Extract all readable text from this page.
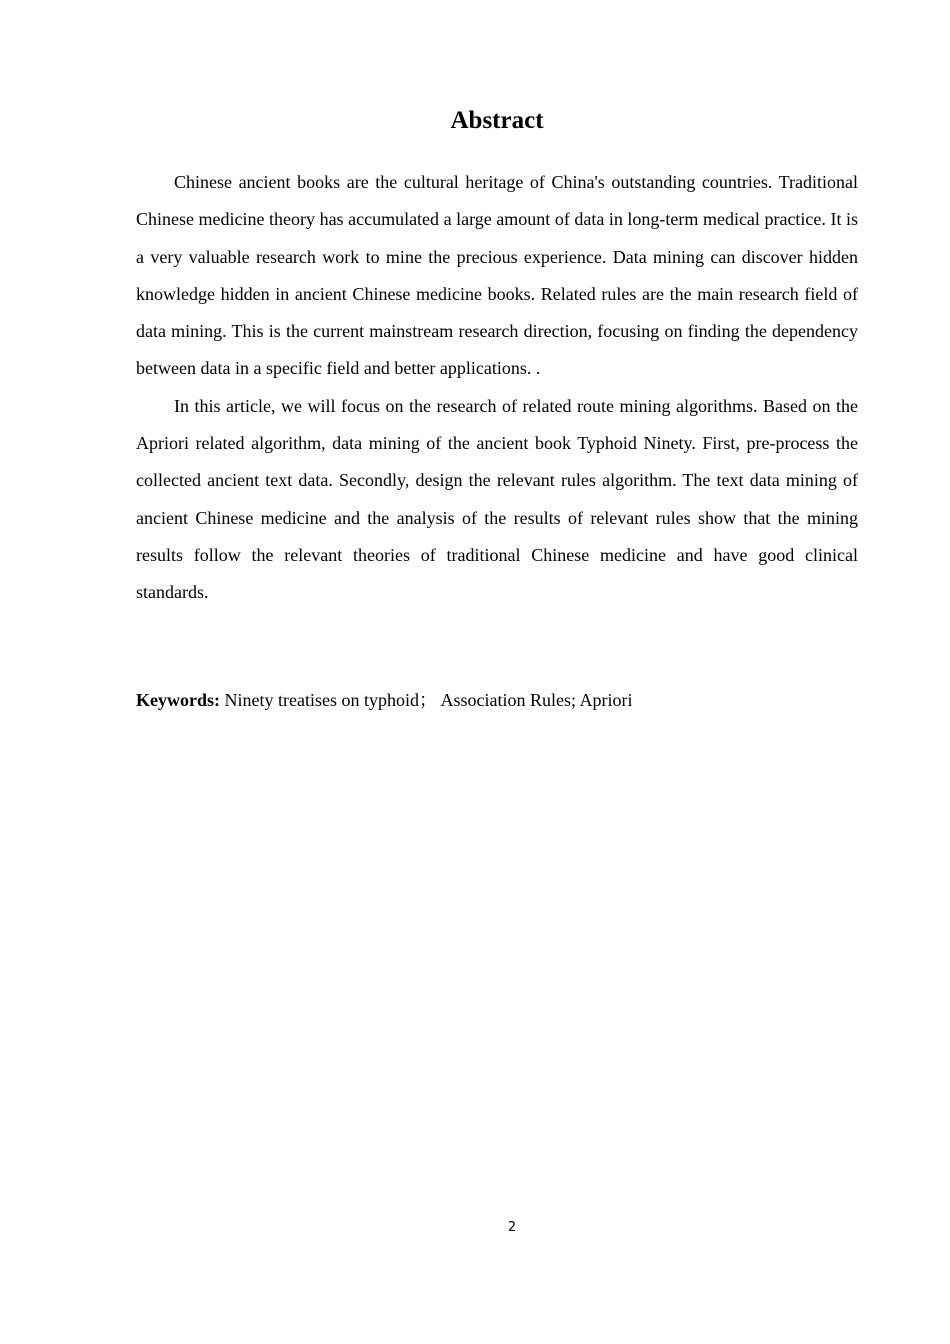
Abstract

Chinese ancient books are the cultural heritage of China's outstanding countries. Traditional Chinese medicine theory has accumulated a large amount of data in long-term medical practice. It is a very valuable research work to mine the precious experience. Data mining can discover hidden knowledge hidden in ancient Chinese medicine books. Related rules are the main research field of data mining. This is the current mainstream research direction, focusing on finding the dependency between data in a specific field and better applications. .

In this article, we will focus on the research of related route mining algorithms. Based on the Apriori related algorithm, data mining of the ancient book Typhoid Ninety. First, pre-process the collected ancient text data. Secondly, design the relevant rules algorithm. The text data mining of ancient Chinese medicine and the analysis of the results of relevant rules show that the mining results follow the relevant theories of traditional Chinese medicine and have good clinical standards.

Keywords: Ninety treatises on typhoid； Association Rules; Apriori

2
